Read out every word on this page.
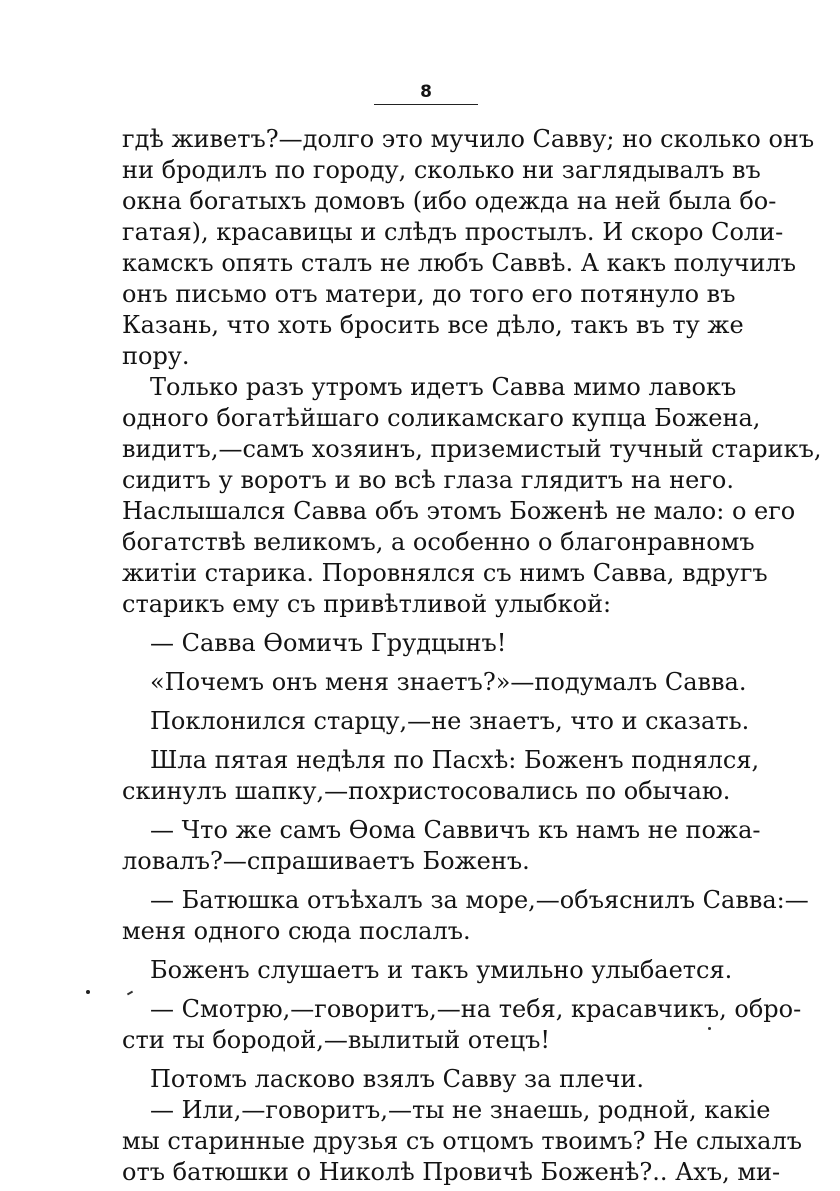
8
гдѣ живетъ?—долго это мучило Савву; но сколько онъ
ни бродилъ по городу, сколько ни заглядывалъ въ
окна богатыхъ домовъ (ибо одежда на ней была бо-
гатая), красавицы и слѣдъ простылъ. И скоро Соли-
камскъ опять сталъ не любъ Саввѣ. А какъ получилъ
онъ письмо отъ матери, до того его потянуло въ
Казань, что хоть бросить все дѣло, такъ въ ту же
пору.
Только разъ утромъ идетъ Савва мимо лавокъ
одного богатѣйшаго соликамскаго купца Божена,
видитъ,—самъ хозяинъ, приземистый тучный старикъ,
сидитъ у воротъ и во всѣ глаза глядитъ на него.
Наслышался Савва объ этомъ Боженѣ не мало: о его
богатствѣ великомъ, а особенно о благонравномъ
житіи старика. Поровнялся съ нимъ Савва, вдругъ
старикъ ему съ привѣтливой улыбкой:
— Савва Ѳомичъ Грудцынъ!
«Почемъ онъ меня знаетъ?»—подумалъ Савва.
Поклонился старцу,—не знаетъ, что и сказать.
Шла пятая недѣля по Пасхѣ: Боженъ поднялся,
скинулъ шапку,—похристосовались по обычаю.
— Что же самъ Ѳома Саввичъ къ намъ не пожа-
ловалъ?—спрашиваетъ Боженъ.
— Батюшка отъѣхалъ за море,—объяснилъ Савва:—
меня одного сюда послалъ.
Боженъ слушаетъ и такъ умильно улыбается.
— Смотрю,—говоритъ,—на тебя, красавчикъ, обро-
сти ты бородой,—вылитый отецъ!
Потомъ ласково взялъ Савву за плечи.
— Или,—говоритъ,—ты не знаешь, родной, какіе
мы старинные друзья съ отцомъ твоимъ? Не слыхалъ
отъ батюшки о Николѣ Провичѣ Боженѣ?.. Ахъ, ми-
